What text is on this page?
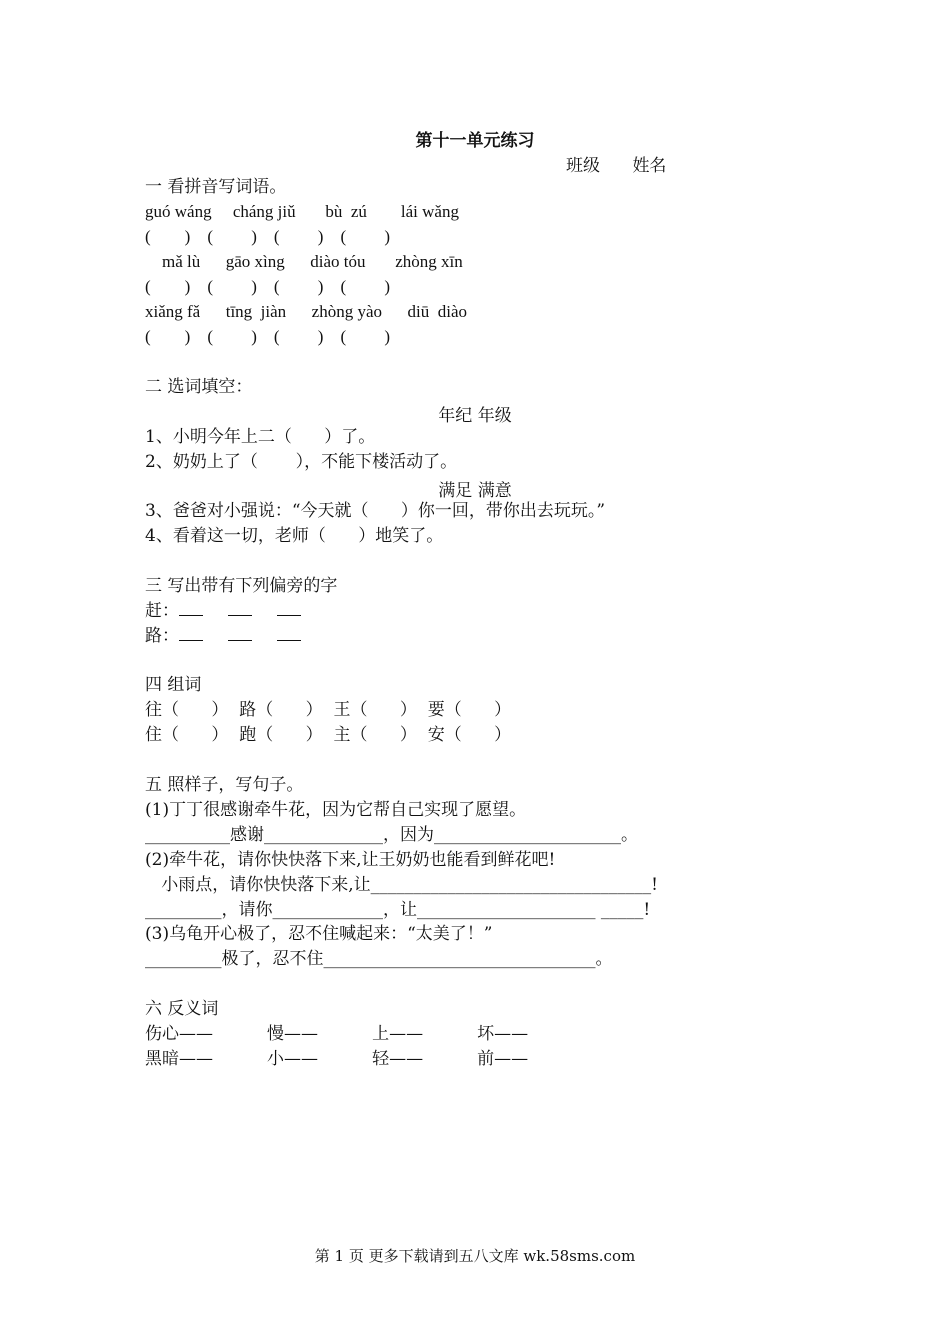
第十一单元练习
班级 姓名
一 看拼音写词语。
guó wáng     cháng jiǔ       bù  zú        lái wǎng
(        )    (         )    (         )    (         )
mǎ lù      gāo xìng      diào tóu       zhòng xīn
(        )    (         )    (         )    (         )
xiǎng fǎ      tīng  jiàn      zhòng yào      diū  diào
(        )    (         )    (         )    (         )
二 选词填空：
年纪 年级
1、小明今年上二（      ）了。
2、奶奶上了（       ），不能下楼活动了。
满足 满意
3、爸爸对小强说：“今天就（      ）你一回，带你出去玩玩。”
4、看着这一切，老师（      ）地笑了。
三 写出带有下列偏旁的字
赶：
路：
四 组词
往（      ）  路（      ）  王（      ）  要（      ）
住（      ）  跑（      ）  主（      ）  安（      ）
五 照样子，写句子。
(1)丁丁很感谢牵牛花，因为它帮自己实现了愿望。
__________感谢______________，因为______________________。
(2)牵牛花，请你快快落下来,让王奶奶也能看到鲜花吧!
小雨点，请你快快落下来,让_________________________________!
_________，请你_____________，让_____________________ _____!
(3)乌龟开心极了，忍不住喊起来：“太美了！”
_________极了，忍不住________________________________。
六 反义词
伤心——          慢——          上——          坏——
黑暗——          小——          轻——          前——
第 1 页 更多下载请到五八文库 wk.58sms.com
